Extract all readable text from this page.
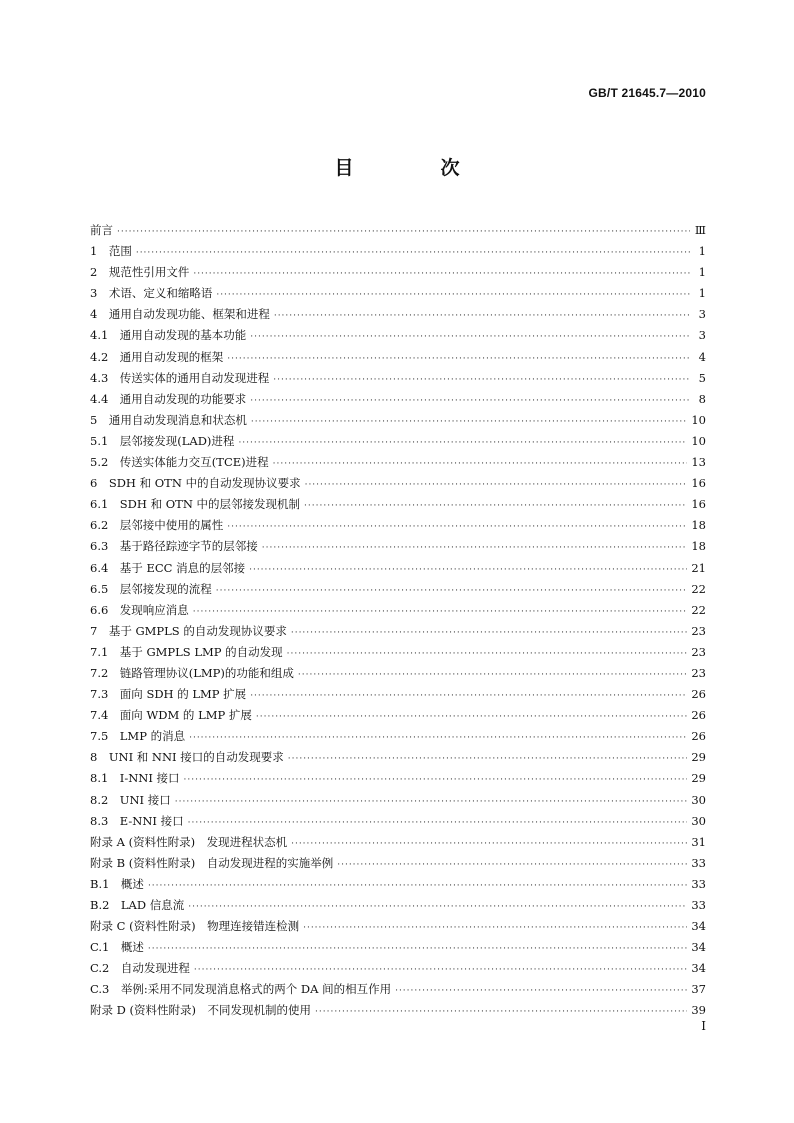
GB/T 21645.7—2010
目　次
前言 ·····	Ⅲ
1　范围 ·····	1
2　规范性引用文件 ·····	1
3　术语、定义和缩略语 ·····	1
4　通用自动发现功能、框架和进程 ·····	3
4.1　通用自动发现的基本功能 ·····	3
4.2　通用自动发现的框架 ·····	4
4.3　传送实体的通用自动发现进程 ·····	5
4.4　通用自动发现的功能要求 ·····	8
5　通用自动发现消息和状态机 ·····	10
5.1　层邻接发现(LAD)进程 ·····	10
5.2　传送实体能力交互(TCE)进程 ·····	13
6　SDH 和 OTN 中的自动发现协议要求 ·····	16
6.1　SDH 和 OTN 中的层邻接发现机制 ·····	16
6.2　层邻接中使用的属性 ·····	18
6.3　基于路径踪迹字节的层邻接 ·····	18
6.4　基于 ECC 消息的层邻接 ·····	21
6.5　层邻接发现的流程 ·····	22
6.6　发现响应消息 ·····	22
7　基于 GMPLS 的自动发现协议要求 ·····	23
7.1　基于 GMPLS LMP 的自动发现 ·····	23
7.2　链路管理协议(LMP)的功能和组成 ·····	23
7.3　面向 SDH 的 LMP 扩展 ·····	26
7.4　面向 WDM 的 LMP 扩展 ·····	26
7.5　LMP 的消息 ·····	26
8　UNI 和 NNI 接口的自动发现要求 ·····	29
8.1　I-NNI 接口 ·····	29
8.2　UNI 接口 ·····	30
8.3　E-NNI 接口 ·····	30
附录 A (资料性附录)　发现进程状态机 ·····	31
附录 B (资料性附录)　自动发现进程的实施举例 ·····	33
B.1　概述 ·····	33
B.2　LAD 信息流 ·····	33
附录 C (资料性附录)　物理连接错连检测 ·····	34
C.1　概述 ·····	34
C.2　自动发现进程 ·····	34
C.3　举例:采用不同发现消息格式的两个 DA 间的相互作用 ·····	37
附录 D (资料性附录)　不同发现机制的使用 ·····	39
Ⅰ
